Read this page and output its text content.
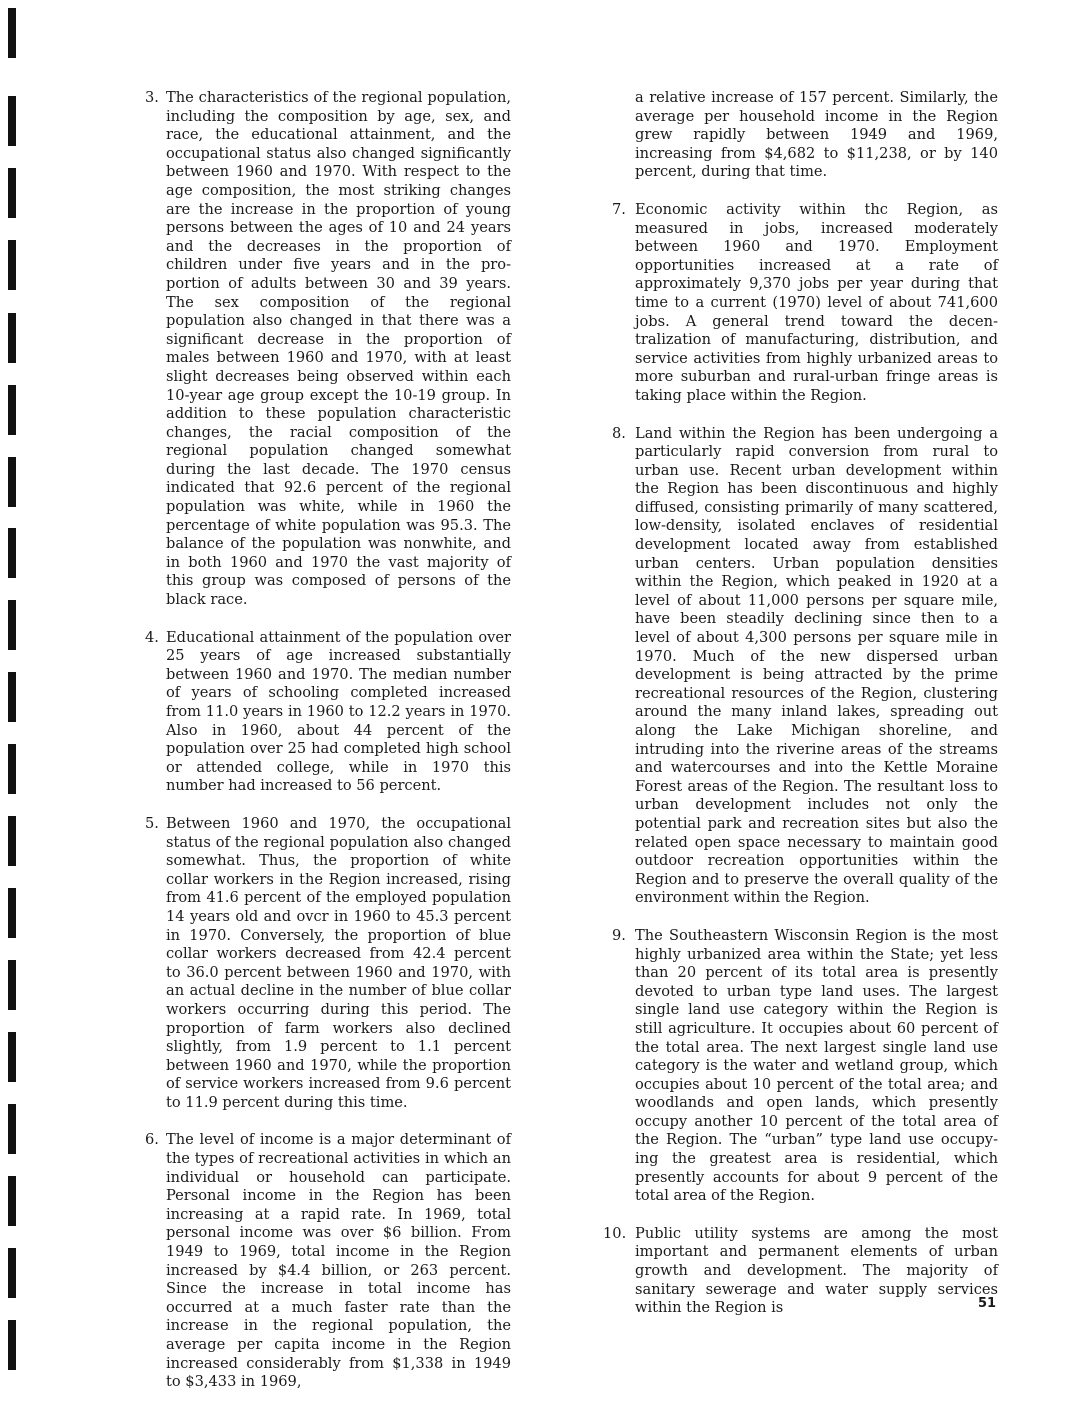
3. The characteristics of the regional population, including the composition by age, sex, and race, the educational attainment, and the occupational status also changed significantly between 1960 and 1970. With respect to the age composition, the most striking changes are the increase in the proportion of young persons between the ages of 10 and 24 years and the decreases in the proportion of children under five years and in the proportion of adults between 30 and 39 years. The sex composition of the regional population also changed in that there was a significant decrease in the proportion of males between 1960 and 1970, with at least slight decreases being observed within each 10-year age group except the 10-19 group. In addition to these population characteristic changes, the racial composition of the regional population changed somewhat during the last decade. The 1970 census indicated that 92.6 percent of the regional population was white, while in 1960 the percentage of white population was 95.3. The balance of the population was nonwhite, and in both 1960 and 1970 the vast majority of this group was composed of persons of the black race.
4. Educational attainment of the population over 25 years of age increased substantially between 1960 and 1970. The median number of years of schooling completed increased from 11.0 years in 1960 to 12.2 years in 1970. Also in 1960, about 44 percent of the population over 25 had completed high school or attended college, while in 1970 this number had increased to 56 percent.
5. Between 1960 and 1970, the occupational status of the regional population also changed somewhat. Thus, the proportion of white collar workers in the Region increased, rising from 41.6 percent of the employed population 14 years old and ovcr in 1960 to 45.3 percent in 1970. Conversely, the proportion of blue collar workers decreased from 42.4 percent to 36.0 percent between 1960 and 1970, with an actual decline in the number of blue collar workers occurring during this period. The proportion of farm workers also declined slightly, from 1.9 percent to 1.1 percent between 1960 and 1970, while the proportion of service workers increased from 9.6 percent to 11.9 percent during this time.
6. The level of income is a major determinant of the types of recreational activities in which an individual or household can participate. Personal income in the Region has been increasing at a rapid rate. In 1969, total personal income was over $6 billion. From 1949 to 1969, total income in the Region increased by $4.4 billion, or 263 percent. Since the increase in total income has occurred at a much faster rate than the increase in the regional population, the average per capita income in the Region increased considerably from $1,338 in 1949 to $3,433 in 1969,
a relative increase of 157 percent. Similarly, the average per household income in the Region grew rapidly between 1949 and 1969, increasing from $4,682 to $11,238, or by 140 percent, during that time.
7. Economic activity within thc Region, as measured in jobs, increased moderately between 1960 and 1970. Employment opportunities increased at a rate of approximately 9,370 jobs per year during that time to a current (1970) level of about 741,600 jobs. A general trend toward the decentralization of manufacturing, distribution, and service activities from highly urbanized areas to more suburban and rural-urban fringe areas is taking place within the Region.
8. Land within the Region has been undergoing a particularly rapid conversion from rural to urban use. Recent urban development within the Region has been discontinuous and highly diffused, consisting primarily of many scattered, low-density, isolated enclaves of residential development located away from established urban centers. Urban population densities within the Region, which peaked in 1920 at a level of about 11,000 persons per square mile, have been steadily declining since then to a level of about 4,300 persons per square mile in 1970. Much of the new dispersed urban development is being attracted by the prime recreational resources of the Region, clustering around the many inland lakes, spreading out along the Lake Michigan shoreline, and intruding into the riverine areas of the streams and watercourses and into the Kettle Moraine Forest areas of the Region. The resultant loss to urban development includes not only the potential park and recreation sites but also the related open space necessary to maintain good outdoor recreation opportunities within the Region and to preserve the overall quality of the environment within the Region.
9. The Southeastern Wisconsin Region is the most highly urbanized area within the State; yet less than 20 percent of its total area is presently devoted to urban type land uses. The largest single land use category within the Region is still agriculture. It occupies about 60 percent of the total area. The next largest single land use category is the water and wetland group, which occupies about 10 percent of the total area; and woodlands and open lands, which presently occupy another 10 percent of the total area of the Region. The “urban” type land use occupying the greatest area is residential, which presently accounts for about 9 percent of the total area of the Region.
10. Public utility systems are among the most important and permanent elements of urban growth and development. The majority of sanitary sewerage and water supply services within the Region is	51
